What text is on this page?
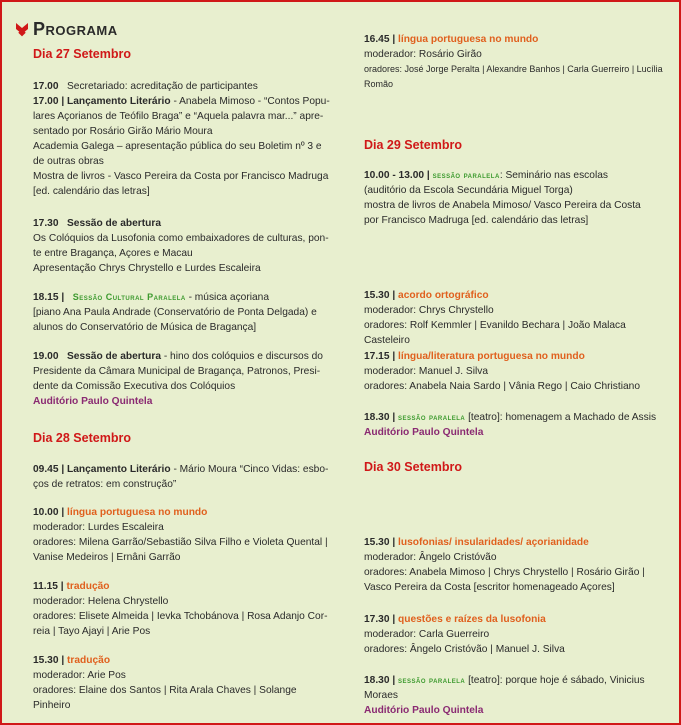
PROGRAMA
Dia 27 Setembro

17.00 Secretariado: acreditação de participantes

17.00 | Lançamento Literário - Anabela Mimoso - “Contos Popu-

lares Açorianos de Teófilo Braga” e “Aquela palavra mar...” apre-

sentado por Rosário Girão Mário Moura

Academia Galega – apresentação pública do seu Boletim nº 3 e

de outras obras

Mostra de livros - Vasco Pereira da Costa por Francisco Madruga

[ed. calendário das letras]

17.30 Sessão de abertura

Os Colóquios da Lusofonia como embaixadores de culturas, pon-

te entre Bragança, Açores e Macau

Apresentação Chrys Chrystello e Lurdes Escaleira

18.15 | Sessão Cultural Paralela - música açoriana

[piano Ana Paula Andrade (Conservatório de Ponta Delgada) e

alunos do Conservatório de Música de Bragança]

19.00 Sessão de abertura - hino dos colóquios e discursos do

Presidente da Câmara Municipal de Bragança, Patronos, Presi-

dente da Comissão Executiva dos Colóquios

Auditório Paulo Quintela

Dia 28 Setembro

09.45 | Lançamento Literário - Mário Moura “Cinco Vidas: esbo-

ços de retratos: em construção”

10.00 | língua portuguesa no mundo

moderador: Lurdes Escaleira

oradores: Milena Garrão/Sebastião Silva Filho e Violeta Quental |

Vanise Medeiros | Ernâni Garrão

11.15 | tradução

moderador: Helena Chrystello

oradores: Elisete Almeida | Ievka Tchobánova | Rosa Adanjo Cor-

reia | Tayo Ajayi | Arie Pos

15.30 | tradução

moderador: Arie Pos

oradores: Elaine dos Santos | Rita Arala Chaves | Solange Pinheiro

16.45 | língua portuguesa no mundo

moderador: Rosário Girão

oradores: José Jorge Peralta | Alexandre Banhos | Carla Guerreiro | Lucília Romão

Dia 29 Setembro

10.00 - 13.00 | sessão paralela: Seminário nas escolas

(auditório da Escola Secundária Miguel Torga)

mostra de livros de Anabela Mimoso/ Vasco Pereira da Costa

por Francisco Madruga [ed. calendário das letras]

15.30 | acordo ortográfico

moderador: Chrys Chrystello

oradores: Rolf Kemmler | Evanildo Bechara | João Malaca Casteleiro

17.15 | língua/literatura portuguesa no mundo

moderador: Manuel J. Silva

oradores: Anabela Naia Sardo | Vânia Rego | Caio Christiano

18.30 | sessão paralela [teatro]: homenagem a Machado de Assis

Auditório Paulo Quintela

Dia 30 Setembro

15.30 | lusofonias/ insularidades/ açorianidade

moderador: Ângelo Cristóvão

oradores: Anabela Mimoso | Chrys Chrystello | Rosário Girão |

Vasco Pereira da Costa [escritor homenageado Açores]

17.30 | questões e raízes da lusofonia

moderador: Carla Guerreiro

oradores: Ângelo Cristóvão | Manuel J. Silva

18.30 | sessão paralela [teatro]: porque hoje é sábado, Vinicius Moraes

Auditório Paulo Quintela
